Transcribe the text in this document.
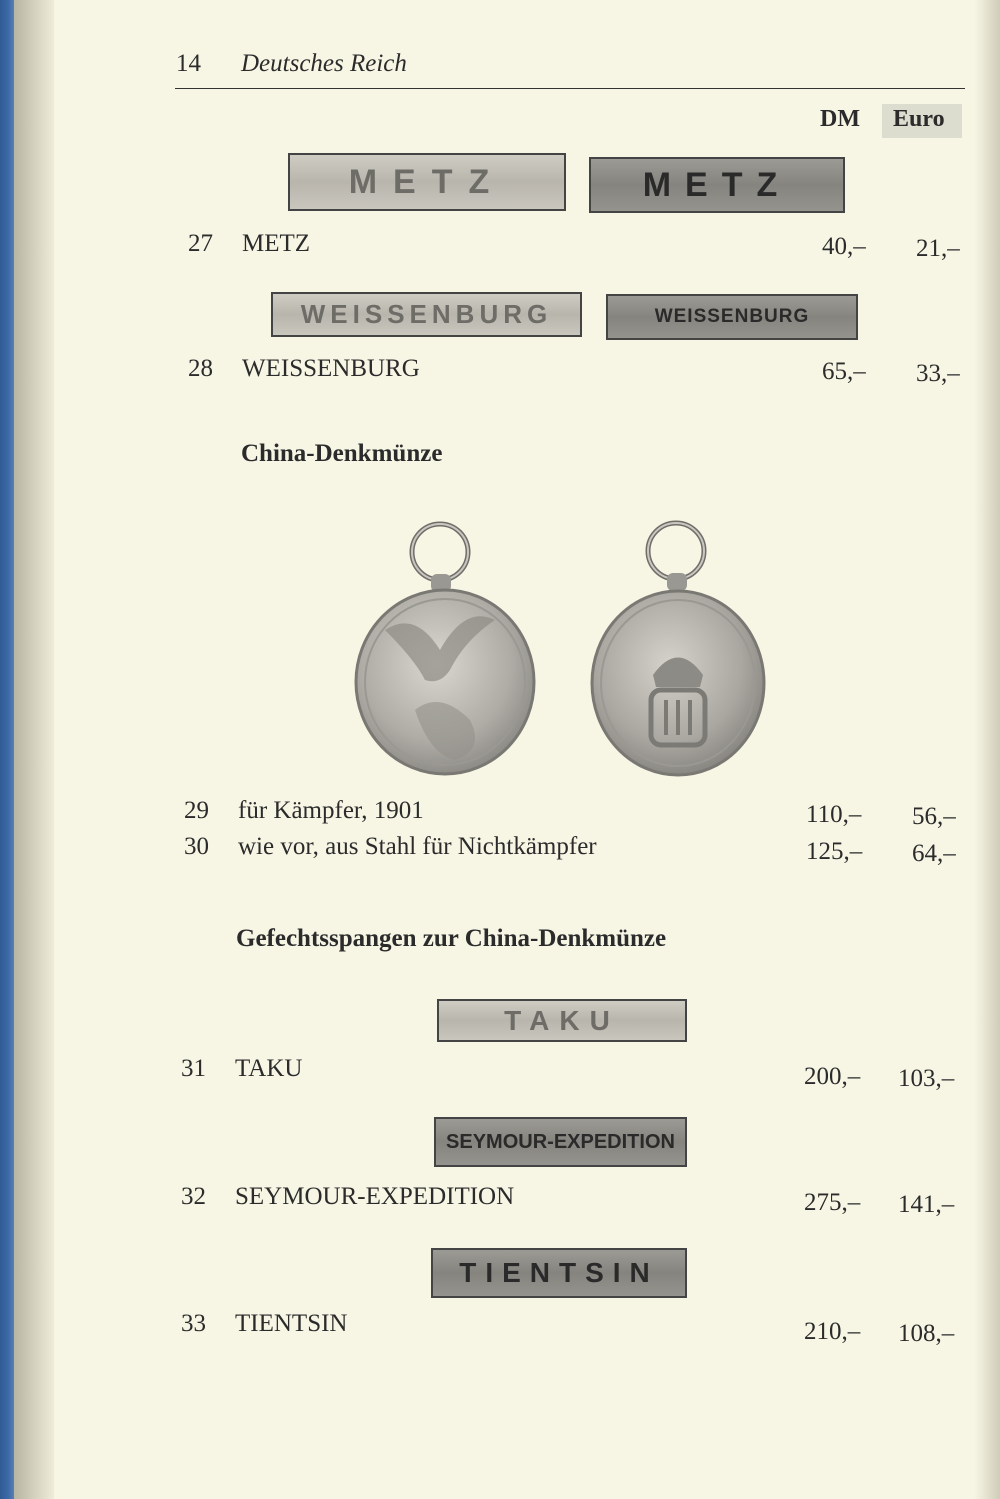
14 Deutsches Reich
DM Euro
METZ	METZ
27 METZ	40,– 21,–
WEISSENBURG	WEISSENBURG
28 WEISSENBURG	65,– 33,–
China-Denkmünze
29 für Kämpfer, 1901	110,– 56,–
30 wie vor, aus Stahl für Nichtkämpfer	125,– 64,–
Gefechtsspangen zur China-Denkmünze
TAKU
31 TAKU	200,– 103,–
SEYMOUR-EXPEDITION
32 SEYMOUR-EXPEDITION	275,– 141,–
TIENTSIN
33 TIENTSIN	210,– 108,–
